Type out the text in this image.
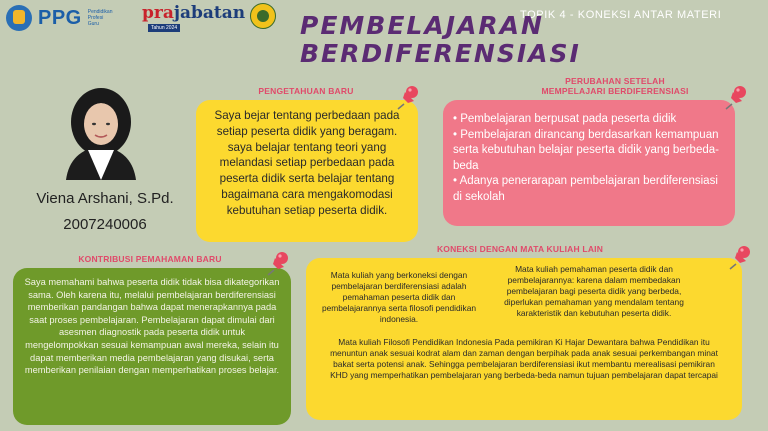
PPG Pendidikan Profesi Guru
prajabatan
Tahun 2024
TOPIK 4 - KONEKSI ANTAR MATERI
PEMBELAJARAN
BERDIFERENSIASI
Viena Arshani, S.Pd.
2007240006
PENGETAHUAN BARU

Saya bejar tentang perbedaan pada setiap peserta didik yang beragam. saya belajar tentang teori yang melandasi setiap perbedaan pada peserta didik serta belajar tentang bagaimana cara mengakomodasi kebutuhan setiap peserta didik.

PERUBAHAN SETELAH
MEMPELAJARI BERDIFERENSIASI
• Pembelajaran berpusat pada peserta didik
• Pembelajaran dirancang berdasarkan kemampuan serta kebutuhan belajar peserta didik yang berbeda-beda
• Adanya penerarapan pembelajaran berdiferensiasi di sekolah
KONTRIBUSI PEMAHAMAN BARU

Saya memahami bahwa peserta didik tidak bisa dikategorikan sama. Oleh karena itu, melalui pembelajaran berdiferensiasi memberikan pandangan bahwa dapat menerapkannya pada saat proses pembelajaran. Pembelajaran dapat dimulai dari asesmen diagnostik pada peserta didik untuk mengelompokkan sesuai kemampuan awal mereka, selain itu dapat memberikan media pembelajaran yang disukai, serta memberikan penilaian dengan memperhatikan proses belajar.

KONEKSI DENGAN MATA KULIAH LAIN

Mata kuliah yang berkoneksi dengan pembelajaran berdiferensiasi adalah pemahaman peserta didik dan pembelajarannya serta filosofi pendidikan indonesia.

Mata kuliah pemahaman peserta didik dan pembelajarannya: karena dalam membedakan pembelajaran bagi peserta didik yang berbeda, diperlukan pemahaman yang mendalam tentang karakteristik dan kebutuhan peserta didik.

Mata kuliah Filosofi Pendidikan Indonesia Pada pemikiran Ki Hajar Dewantara bahwa Pendidikan itu menuntun anak sesuai kodrat alam dan zaman dengan berpihak pada anak sesuai perkembangan minat bakat serta potensi anak. Sehingga pembelajaran berdiferensiasi ikut membantu merealisasi pemikiran KHD yang memperhatikan pembelajaran yang berbeda-beda namun tujuan pembelajaran dapat tercapai
